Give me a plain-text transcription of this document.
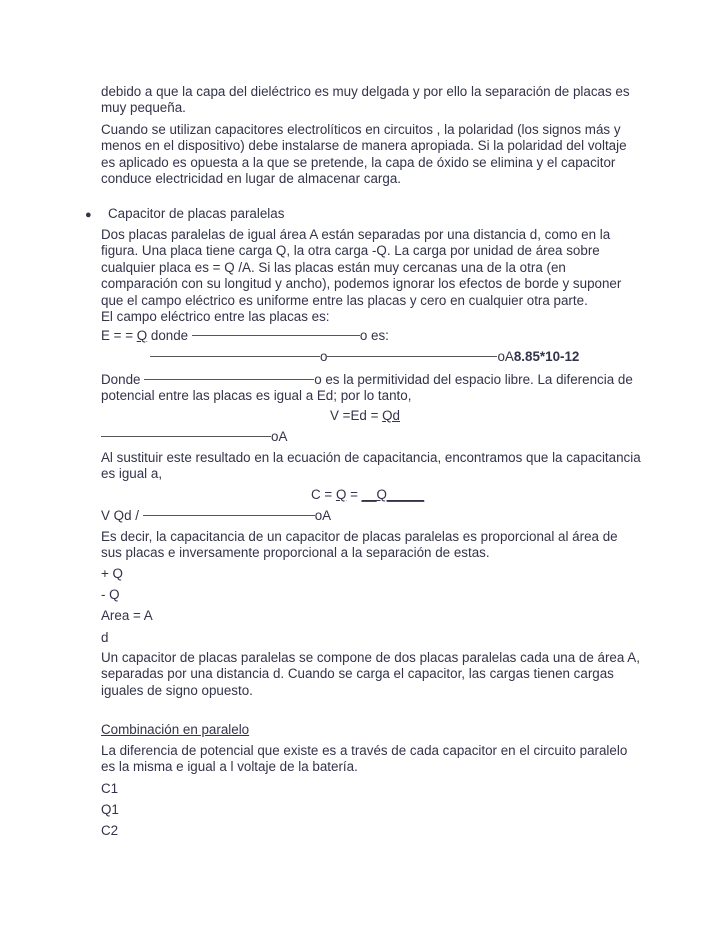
debido a que la capa del dieléctrico es muy delgada y por ello la separación de placas es muy pequeña.

Cuando se utilizan capacitores electrolíticos en circuitos , la polaridad (los signos más y menos en el dispositivo) debe instalarse de manera apropiada. Si la polaridad del voltaje es aplicado es opuesta a la que se pretende, la capa de óxido se elimina y el capacitor conduce electricidad en lugar de almacenar carga.

● Capacitor de placas paralelas

Dos placas paralelas de igual área A están separadas por una distancia d, como en la figura. Una placa tiene carga Q, la otra carga -Q. La carga por unidad de área sobre cualquier placa es = Q /A. Si las placas están muy cercanas una de la otra (en comparación con su longitud y ancho), podemos ignorar los efectos de borde y suponer que el campo eléctrico es uniforme entre las placas y cero en cualquier otra parte.

El campo eléctrico entre las placas es:

E = = Q donde	o es:

o	oA8.85*10-12

Donde	o es la permitividad del espacio libre. La diferencia de
potencial entre las placas es igual a Ed; por lo tanto,

V =Ed = Qd

oA

Al sustituir este resultado en la ecuación de capacitancia, encontramos que la capacitancia es igual a,

C = Q = __Q_____

V Qd /	oA

Es decir, la capacitancia de un capacitor de placas paralelas es proporcional al área de sus placas e inversamente proporcional a la separación de estas.

+ Q

- Q

Area = A

d

Un capacitor de placas paralelas se compone de dos placas paralelas cada una de área A, separadas por una distancia d. Cuando se carga el capacitor, las cargas tienen cargas iguales de signo opuesto.

Combinación en paralelo

La diferencia de potencial que existe es a través de cada capacitor en el circuito paralelo es la misma e igual a l voltaje de la batería.

C1

Q1

C2
